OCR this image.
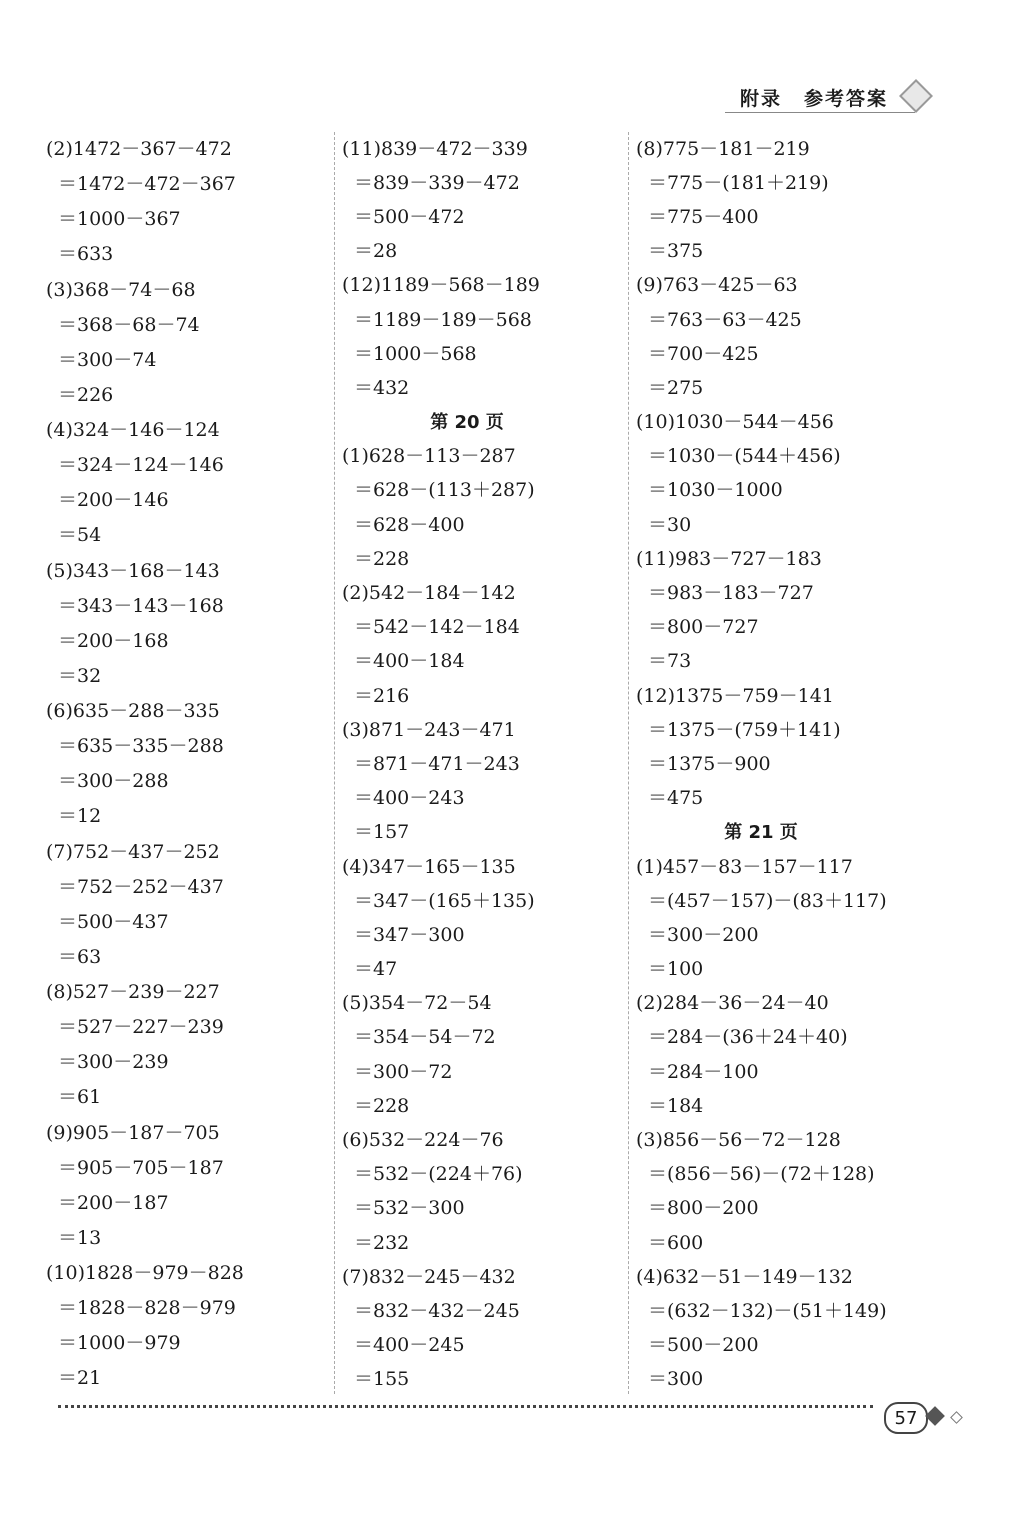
附录 参考答案
(2)1472－367－472
＝1472－472－367
＝1000－367
＝633
(3)368－74－68
＝368－68－74
＝300－74
＝226
(4)324－146－124
＝324－124－146
＝200－146
＝54
(5)343－168－143
＝343－143－168
＝200－168
＝32
(6)635－288－335
＝635－335－288
＝300－288
＝12
(7)752－437－252
＝752－252－437
＝500－437
＝63
(8)527－239－227
＝527－227－239
＝300－239
＝61
(9)905－187－705
＝905－705－187
＝200－187
＝13
(10)1828－979－828
＝1828－828－979
＝1000－979
＝21
(11)839－472－339
＝839－339－472
＝500－472
＝28
(12)1189－568－189
＝1189－189－568
＝1000－568
＝432
第 20 页
(1)628－113－287
＝628－(113＋287)
＝628－400
＝228
(2)542－184－142
＝542－142－184
＝400－184
＝216
(3)871－243－471
＝871－471－243
＝400－243
＝157
(4)347－165－135
＝347－(165＋135)
＝347－300
＝47
(5)354－72－54
＝354－54－72
＝300－72
＝228
(6)532－224－76
＝532－(224＋76)
＝532－300
＝232
(7)832－245－432
＝832－432－245
＝400－245
＝155
(8)775－181－219
＝775－(181＋219)
＝775－400
＝375
(9)763－425－63
＝763－63－425
＝700－425
＝275
(10)1030－544－456
＝1030－(544＋456)
＝1030－1000
＝30
(11)983－727－183
＝983－183－727
＝800－727
＝73
(12)1375－759－141
＝1375－(759＋141)
＝1375－900
＝475
第 21 页
(1)457－83－157－117
＝(457－157)－(83＋117)
＝300－200
＝100
(2)284－36－24－40
＝284－(36＋24＋40)
＝284－100
＝184
(3)856－56－72－128
＝(856－56)－(72＋128)
＝800－200
＝600
(4)632－51－149－132
＝(632－132)－(51＋149)
＝500－200
＝300
57
